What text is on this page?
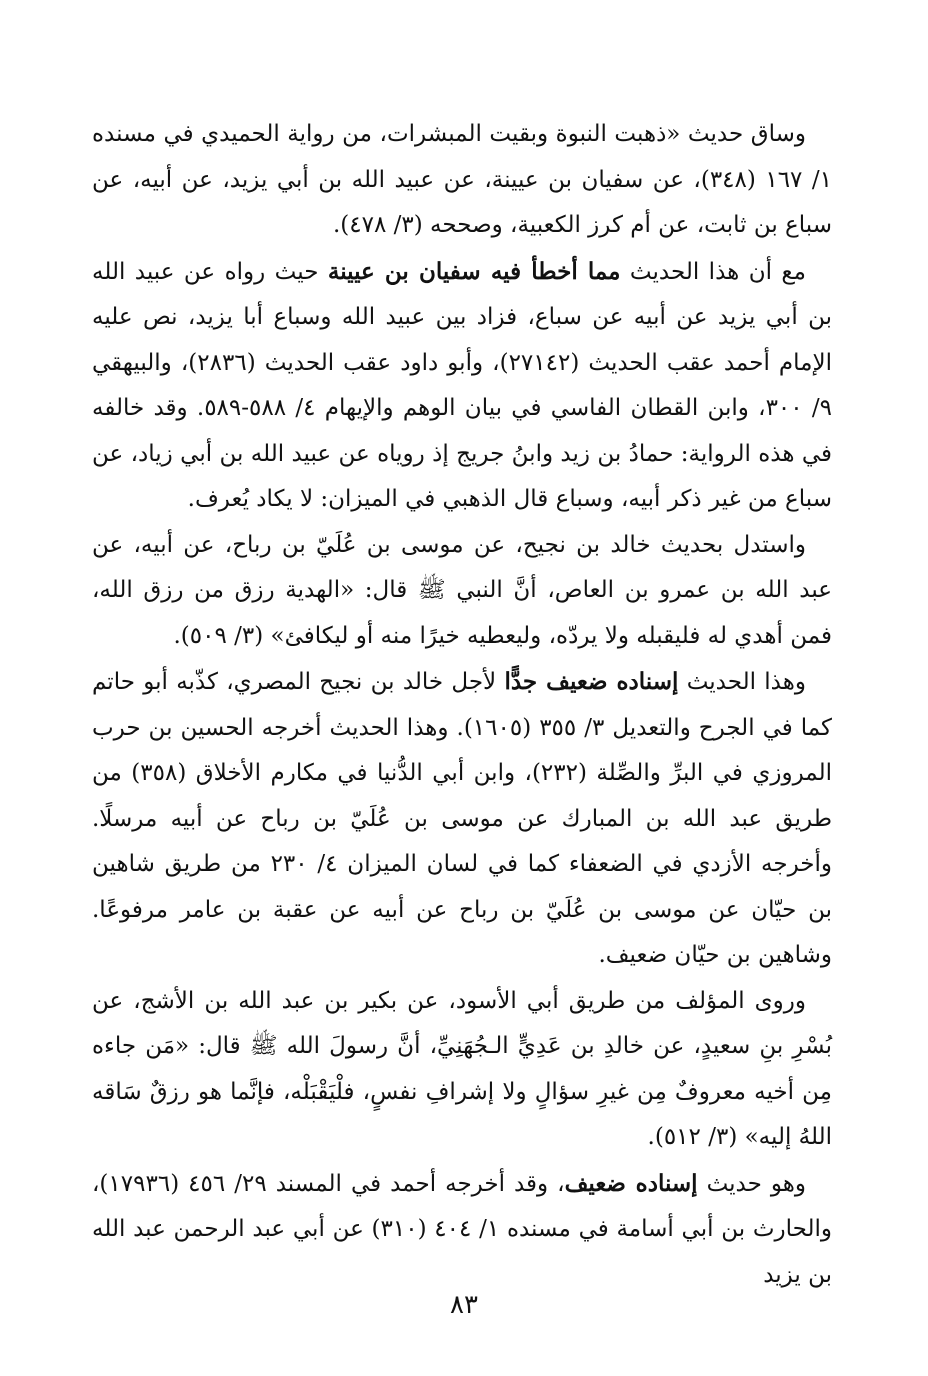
وساق حديث «ذهبت النبوة وبقيت المبشرات، من رواية الحميدي في مسنده ١/ ١٦٧ (٣٤٨)، عن سفيان بن عيينة، عن عبيد الله بن أبي يزيد، عن أبيه، عن سباع بن ثابت، عن أم كرز الكعبية، وصححه (٣/ ٤٧٨).

مع أن هذا الحديث مما أخطأ فيه سفيان بن عيينة حيث رواه عن عبيد الله بن أبي يزيد عن أبيه عن سباع، فزاد بين عبيد الله وسباع أبا يزيد، نص عليه الإمام أحمد عقب الحديث (٢٧١٤٢)، وأبو داود عقب الحديث (٢٨٣٦)، والبيهقي ٩/ ٣٠٠، وابن القطان الفاسي في بيان الوهم والإيهام ٤/ ٥٨٨-٥٨٩. وقد خالفه في هذه الرواية: حمادُ بن زيد وابنُ جريج إذ روياه عن عبيد الله بن أبي زياد، عن سباع من غير ذكر أبيه، وسباع قال الذهبي في الميزان: لا يكاد يُعرف.

واستدل بحديث خالد بن نجيح، عن موسى بن عُلَيّ بن رباح، عن أبيه، عن عبد الله بن عمرو بن العاص، أنَّ النبي ﷺ قال: «الهدية رزق من رزق الله، فمن أهدي له فليقبله ولا يردّه، وليعطيه خيرًا منه أو ليكافئ» (٣/ ٥٠٩).

وهذا الحديث إسناده ضعيف جدًّا لأجل خالد بن نجيح المصري، كذّبه أبو حاتم كما في الجرح والتعديل ٣/ ٣٥٥ (١٦٠٥). وهذا الحديث أخرجه الحسين بن حرب المروزي في البرِّ والصِّلة (٢٣٢)، وابن أبي الدُّنيا في مكارم الأخلاق (٣٥٨) من طريق عبد الله بن المبارك عن موسى بن عُلَيّ بن رباح عن أبيه مرسلًا. وأخرجه الأزدي في الضعفاء كما في لسان الميزان ٤/ ٢٣٠ من طريق شاهين بن حيّان عن موسى بن عُلَيّ بن رباح عن أبيه عن عقبة بن عامر مرفوعًا. وشاهين بن حيّان ضعيف.

وروى المؤلف من طريق أبي الأسود، عن بكير بن عبد الله بن الأشج، عن بُسْرِ بنِ سعيدٍ، عن خالدِ بن عَدِيٍّ الـجُهَنِيِّ، أنَّ رسولَ الله ﷺ قال: «مَن جاءه مِن أخيه معروفٌ مِن غيرِ سؤالٍ ولا إشرافِ نفسٍ، فلْيَقْبَلْه، فإنَّما هو رزقٌ سَاقه اللهُ إليه» (٣/ ٥١٢).

وهو حديث إسناده ضعيف، وقد أخرجه أحمد في المسند ٢٩/ ٤٥٦ (١٧٩٣٦)، والحارث بن أبي أسامة في مسنده ١/ ٤٠٤ (٣١٠) عن أبي عبد الرحمن عبد الله بن يزيد

٨٣
